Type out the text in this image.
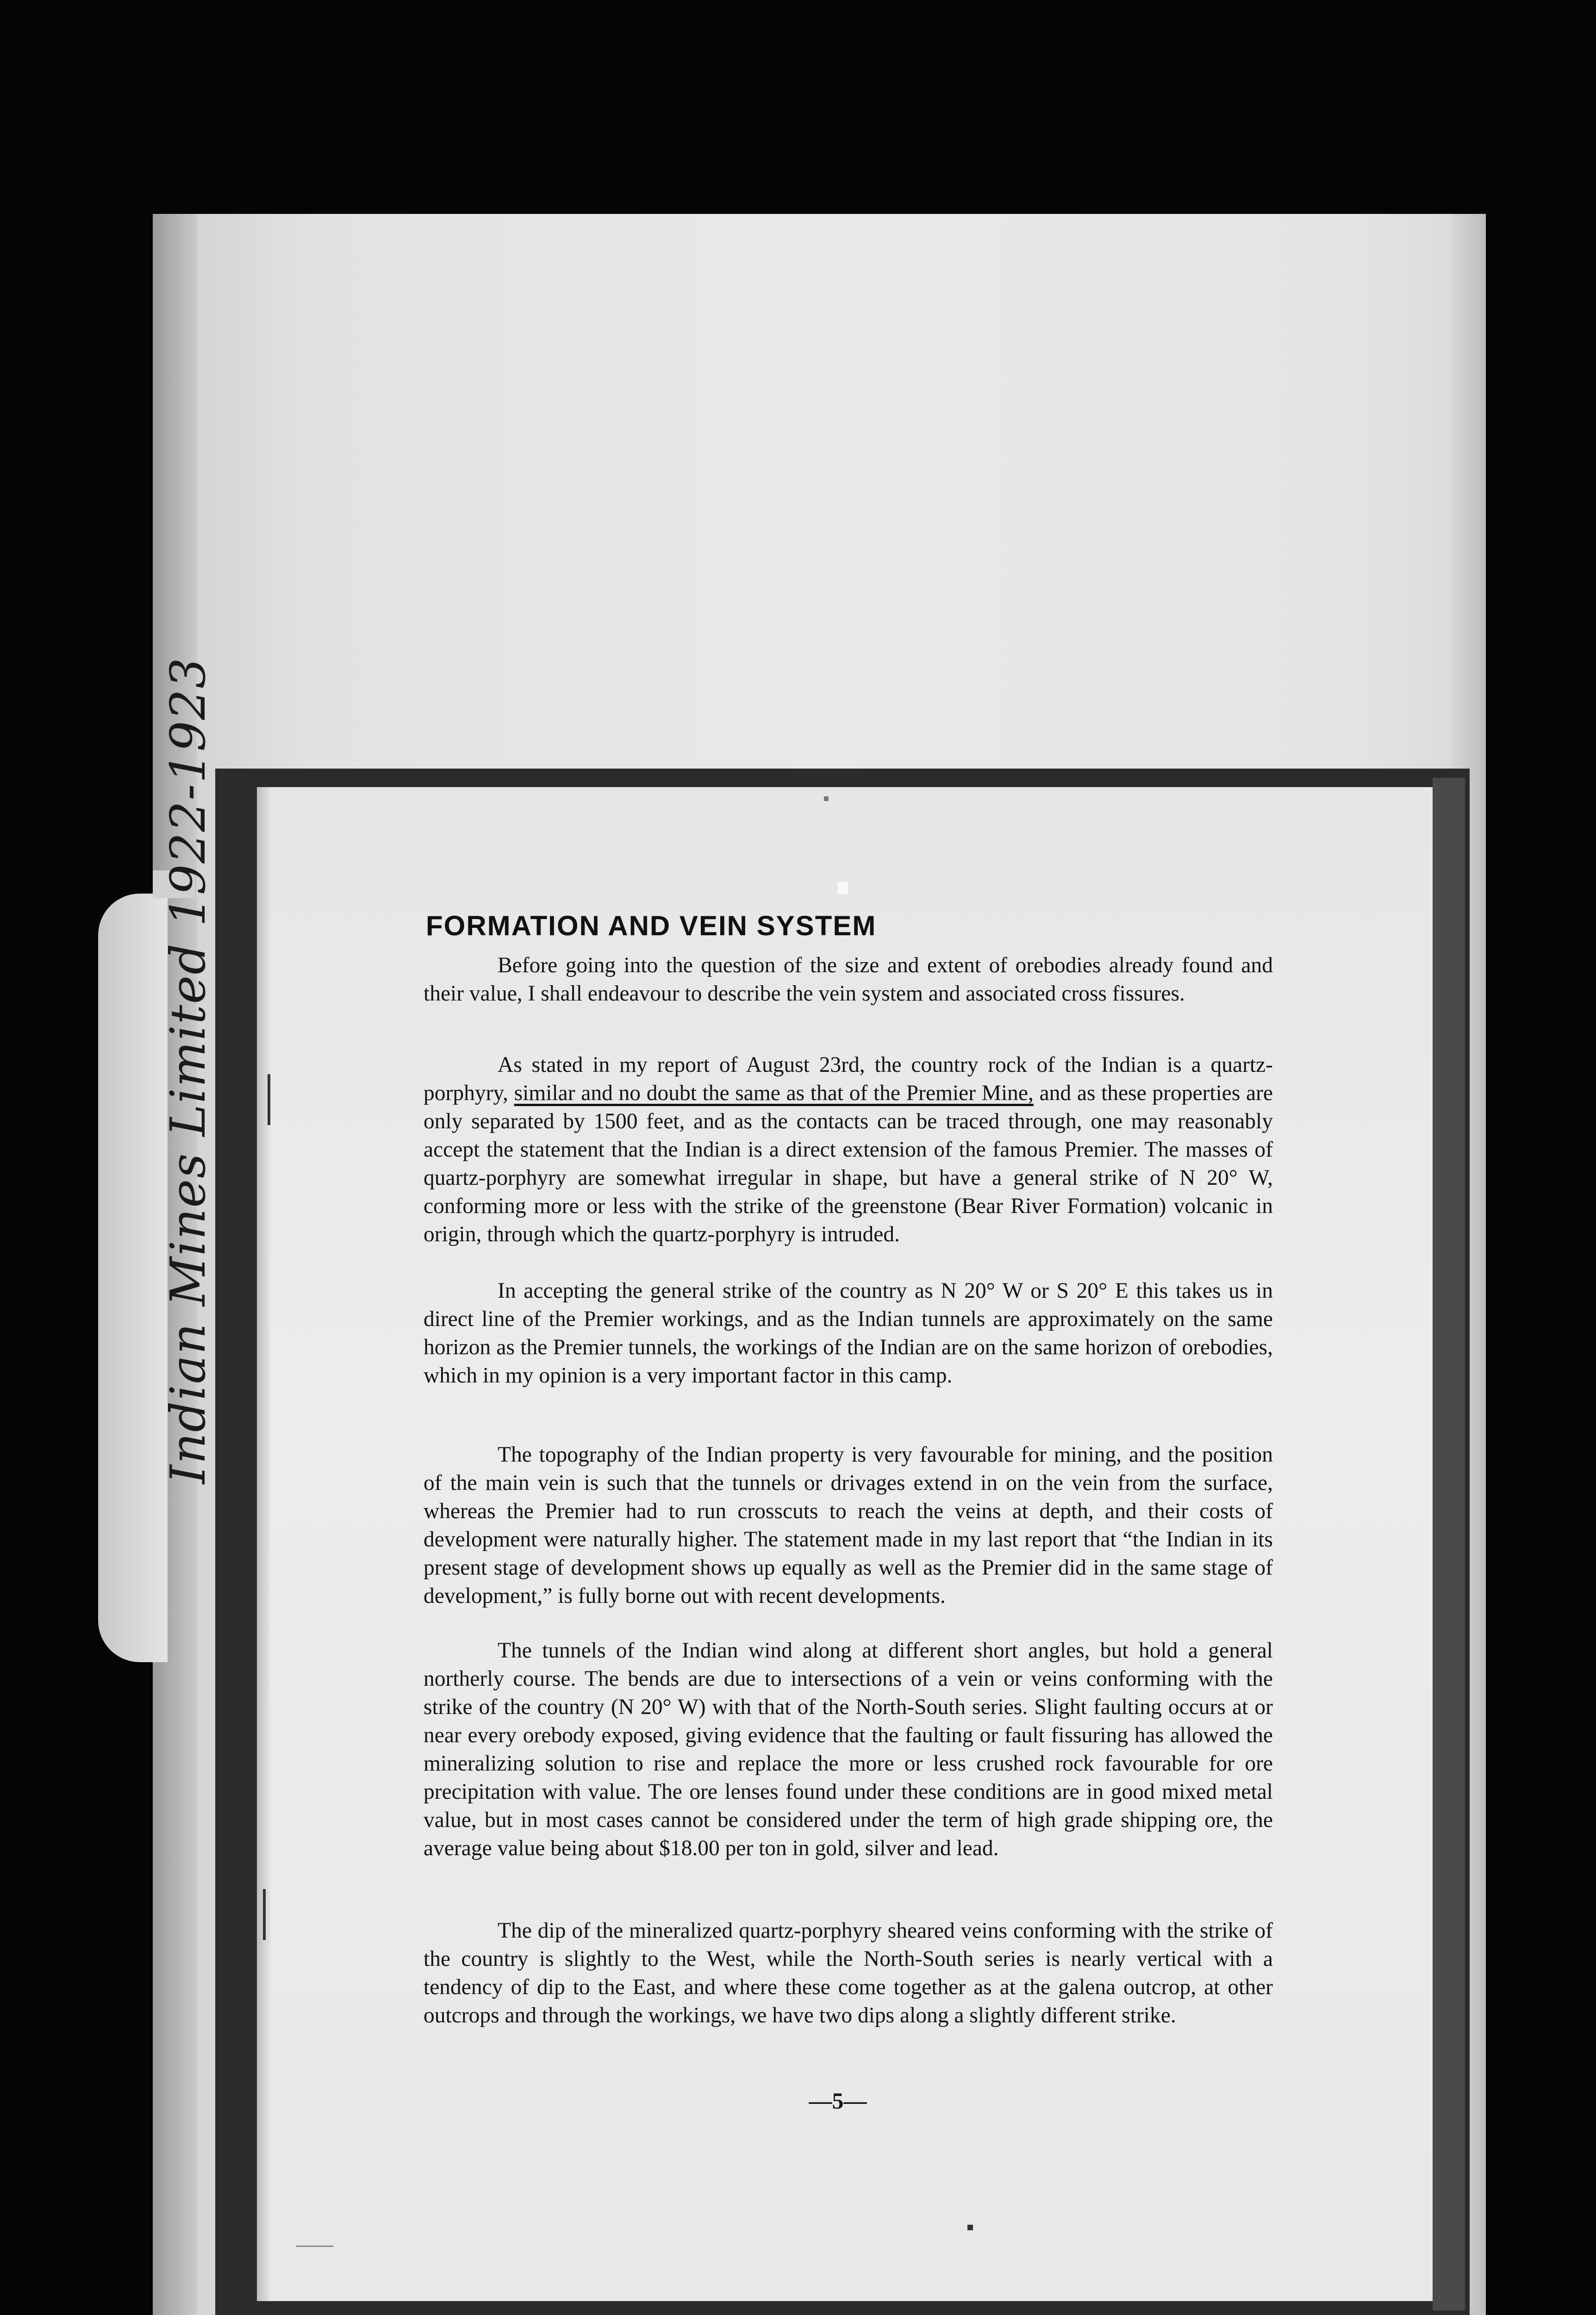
Indian Mines
FORMATION AND VEIN SYSTEM

Before going into the question of the size and extent of orebodies already found and their value, I shall endeavour to describe the vein system and associated cross fissures.

As stated in my report of August 23rd, the country rock of the Indian is a quartz-porphyry, similar and no doubt the same as that of the Premier Mine, and as these properties are only separated by 1500 feet, and as the contacts can be traced through, one may reasonably accept the statement that the Indian is a direct extension of the famous Premier. The masses of quartz-porphyry are somewhat irregular in shape, but have a general strike of N 20° W, conforming more or less with the strike of the greenstone (Bear River Formation) volcanic in origin, through which the quartz-porphyry is intruded.

In accepting the general strike of the country as N 20° W or S 20° E this takes us in direct line of the Premier workings, and as the Indian tunnels are approximately on the same horizon as the Premier tunnels, the workings of the Indian are on the same horizon of orebodies, which in my opinion is a very important factor in this camp.

The topography of the Indian property is very favourable for mining, and the position of the main vein is such that the tunnels or drivages extend in on the vein from the surface, whereas the Premier had to run crosscuts to reach the veins at depth, and their costs of development were naturally higher. The statement made in my last report that “the Indian in its present stage of development shows up equally as well as the Premier did in the same stage of development,” is fully borne out with recent developments.

The tunnels of the Indian wind along at different short angles, but hold a general northerly course. The bends are due to intersections of a vein or veins conforming with the strike of the country (N 20° W) with that of the North-South series. Slight faulting occurs at or near every orebody exposed, giving evidence that the faulting or fault fissuring has allowed the mineralizing solution to rise and replace the more or less crushed rock favourable for ore precipitation with value. The ore lenses found under these conditions are in good mixed metal value, but in most cases cannot be considered under the term of high grade shipping ore, the average value being about $18.00 per ton in gold, silver and lead.

The dip of the mineralized quartz-porphyry sheared veins conforming with the strike of the country is slightly to the West, while the North-South series is nearly vertical with a tendency of dip to the East, and where these come together as at the galena outcrop, at other outcrops and through the workings, we have two dips along a slightly different strike.

—5—
